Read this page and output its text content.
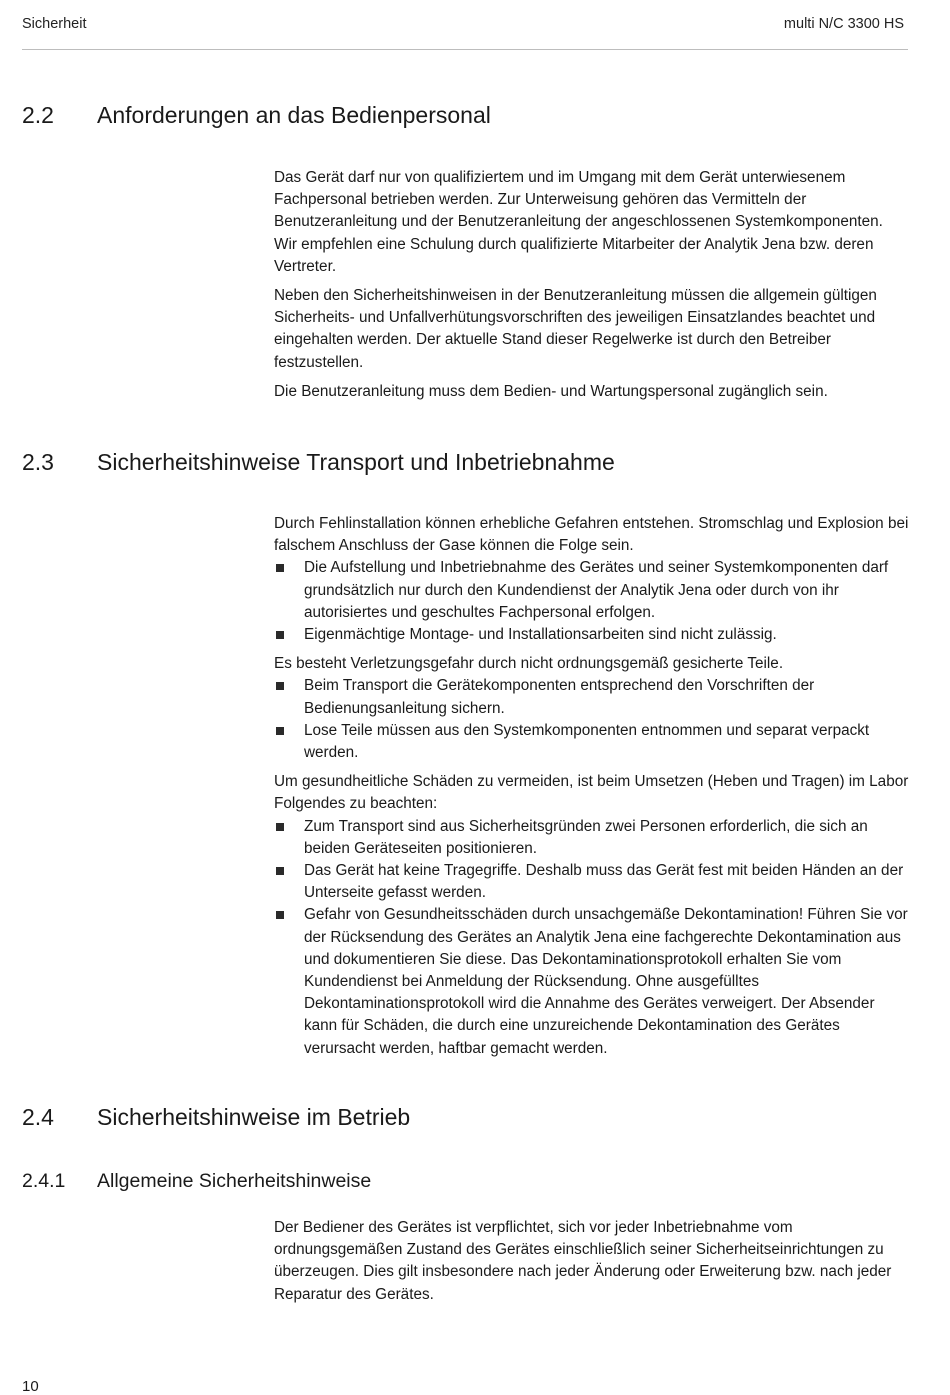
Sicherheit	multi N/C 3300 HS
2.2 Anforderungen an das Bedienpersonal

Das Gerät darf nur von qualifiziertem und im Umgang mit dem Gerät unterwiesenem Fachpersonal betrieben werden. Zur Unterweisung gehören das Vermitteln der Benutzeranleitung und der Benutzeranleitung der angeschlossenen Systemkomponenten. Wir empfehlen eine Schulung durch qualifizierte Mitarbeiter der Analytik Jena bzw. deren Vertreter.

Neben den Sicherheitshinweisen in der Benutzeranleitung müssen die allgemein gültigen Sicherheits- und Unfallverhütungsvorschriften des jeweiligen Einsatzlandes beachtet und eingehalten werden. Der aktuelle Stand dieser Regelwerke ist durch den Betreiber festzustellen.

Die Benutzeranleitung muss dem Bedien- und Wartungspersonal zugänglich sein.

2.3 Sicherheitshinweise Transport und Inbetriebnahme

Durch Fehlinstallation können erhebliche Gefahren entstehen. Stromschlag und Explosion bei falschem Anschluss der Gase können die Folge sein.

Die Aufstellung und Inbetriebnahme des Gerätes und seiner Systemkomponenten darf grundsätzlich nur durch den Kundendienst der Analytik Jena oder durch von ihr autorisiertes und geschultes Fachpersonal erfolgen.
Eigenmächtige Montage- und Installationsarbeiten sind nicht zulässig.

Es besteht Verletzungsgefahr durch nicht ordnungsgemäß gesicherte Teile.

Beim Transport die Gerätekomponenten entsprechend den Vorschriften der Bedienungsanleitung sichern.
Lose Teile müssen aus den Systemkomponenten entnommen und separat verpackt werden.

Um gesundheitliche Schäden zu vermeiden, ist beim Umsetzen (Heben und Tragen) im Labor Folgendes zu beachten:

Zum Transport sind aus Sicherheitsgründen zwei Personen erforderlich, die sich an beiden Geräteseiten positionieren.
Das Gerät hat keine Tragegriffe. Deshalb muss das Gerät fest mit beiden Händen an der Unterseite gefasst werden.
Gefahr von Gesundheitsschäden durch unsachgemäße Dekontamination! Führen Sie vor der Rücksendung des Gerätes an Analytik Jena eine fachgerechte Dekontamination aus und dokumentieren Sie diese. Das Dekontaminationsprotokoll erhalten Sie vom Kundendienst bei Anmeldung der Rücksendung. Ohne ausgefülltes Dekontaminationsprotokoll wird die Annahme des Gerätes verweigert. Der Absender kann für Schäden, die durch eine unzureichende Dekontamination des Gerätes verursacht werden, haftbar gemacht werden.
2.4 Sicherheitshinweise im Betrieb
2.4.1 Allgemeine Sicherheitshinweise

Der Bediener des Gerätes ist verpflichtet, sich vor jeder Inbetriebnahme vom ordnungsgemäßen Zustand des Gerätes einschließlich seiner Sicherheitseinrichtungen zu überzeugen. Dies gilt insbesondere nach jeder Änderung oder Erweiterung bzw. nach jeder Reparatur des Gerätes.

10
